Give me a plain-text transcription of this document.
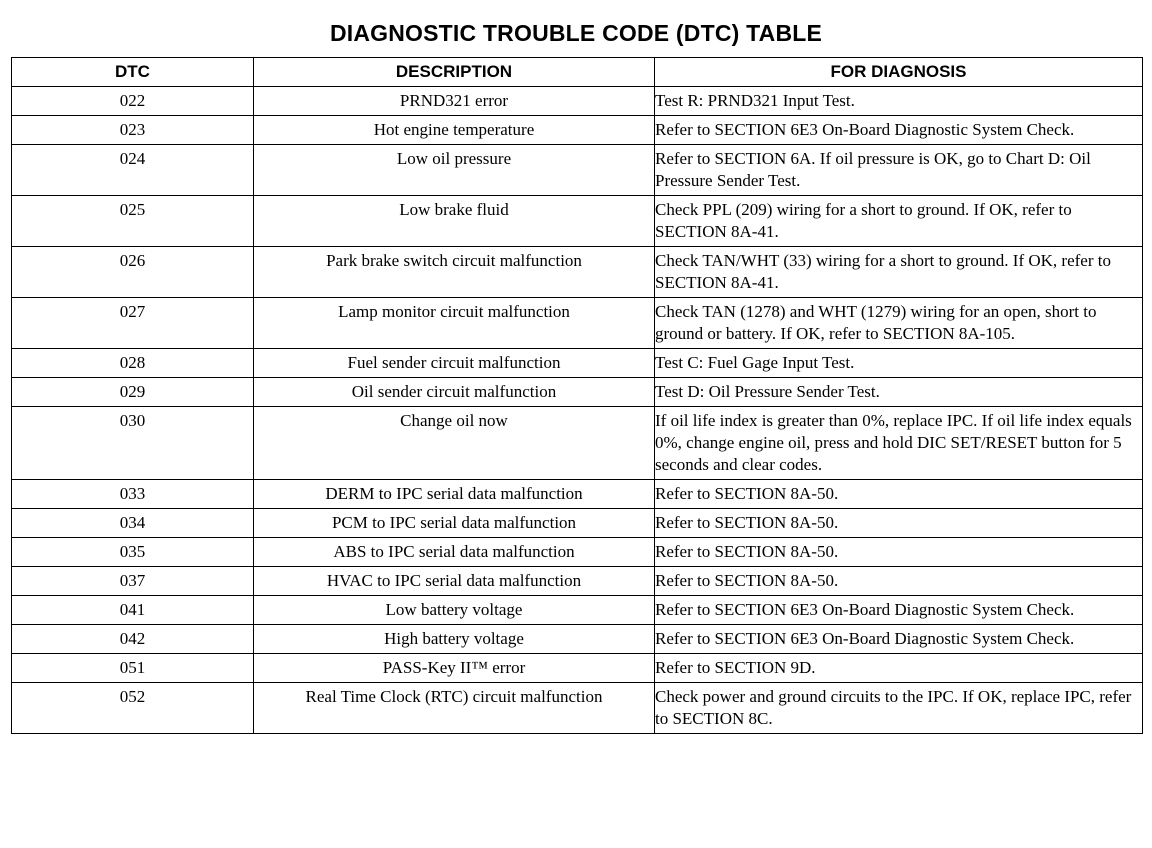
DIAGNOSTIC TROUBLE CODE (DTC) TABLE
DTC	DESCRIPTION	FOR DIAGNOSIS
022	PRND321 error	Test R: PRND321 Input Test.
023	Hot engine temperature	Refer to SECTION 6E3 On-Board Diagnostic System Check.
024	Low oil pressure	Refer to SECTION 6A. If oil pressure is OK, go to Chart D: Oil Pressure Sender Test.
025	Low brake fluid	Check PPL (209) wiring for a short to ground. If OK, refer to SECTION 8A-41.
026	Park brake switch circuit malfunction	Check TAN/WHT (33) wiring for a short to ground. If OK, refer to SECTION 8A-41.
027	Lamp monitor circuit malfunction	Check TAN (1278) and WHT (1279) wiring for an open, short to ground or battery. If OK, refer to SECTION 8A-105.
028	Fuel sender circuit malfunction	Test C: Fuel Gage Input Test.
029	Oil sender circuit malfunction	Test D: Oil Pressure Sender Test.
030	Change oil now	If oil life index is greater than 0%, replace IPC. If oil life index equals 0%, change engine oil, press and hold DIC SET/RESET button for 5 seconds and clear codes.
033	DERM to IPC serial data malfunction	Refer to SECTION 8A-50.
034	PCM to IPC serial data malfunction	Refer to SECTION 8A-50.
035	ABS to IPC serial data malfunction	Refer to SECTION 8A-50.
037	HVAC to IPC serial data malfunction	Refer to SECTION 8A-50.
041	Low battery voltage	Refer to SECTION 6E3 On-Board Diagnostic System Check.
042	High battery voltage	Refer to SECTION 6E3 On-Board Diagnostic System Check.
051	PASS-Key II™ error	Refer to SECTION 9D.
052	Real Time Clock (RTC) circuit malfunction	Check power and ground circuits to the IPC. If OK, replace IPC, refer to SECTION 8C.
